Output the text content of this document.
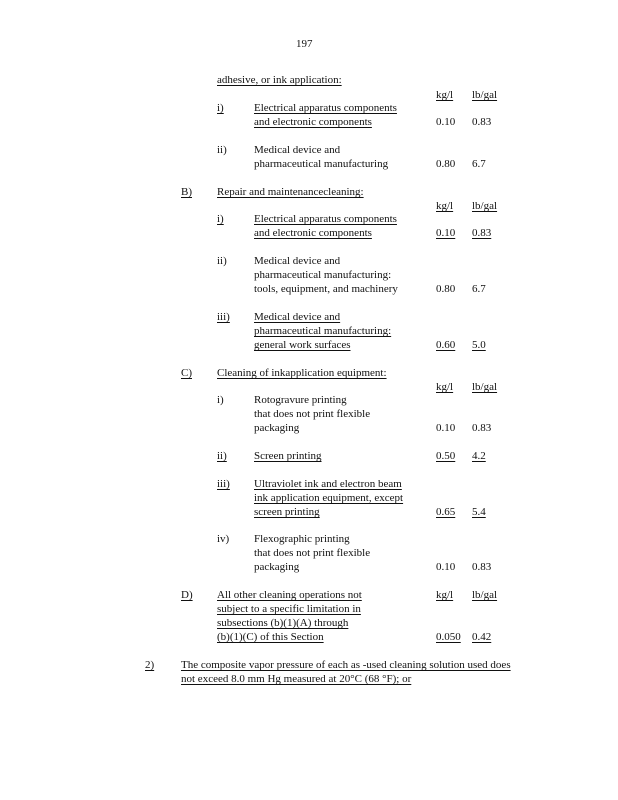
197
adhesive, or ink application:
kg/l lb/gal
i)	Electrical apparatus components
and electronic components	0.10 0.83
ii) Medical device and
pharmaceutical manufacturing	0.80 6.7
B) Repair and maintenancecleaning:
kg/l lb/gal
i)	Electrical apparatus components
and electronic components	0.10 0.83
ii) Medical device and
pharmaceutical manufacturing:
tools, equipment, and machinery	0.80 6.7
iii) Medical device and
pharmaceutical manufacturing:
general work surfaces	0.60 5.0
C) Cleaning of inkapplication equipment:
kg/l lb/gal
i)	Rotogravure printing
that does not print flexible
packaging	0.10 0.83
ii) Screen printing	0.50 4.2
iii) Ultraviolet ink and electron beam
ink application equipment, except
screen printing	0.65 5.4
iv) Flexographic printing
that does not print flexible
packaging	0.10 0.83
D) All other cleaning operations not
subject to a specific limitation in
subsections (b)(1)(A) through
(b)(1)(C) of this Section
kg/l lb/gal
0.050 0.42
2) The composite vapor pressure of each as -used cleaning solution used does
not exceed 8.0 mm Hg measured at 20°C (68 °F); or
